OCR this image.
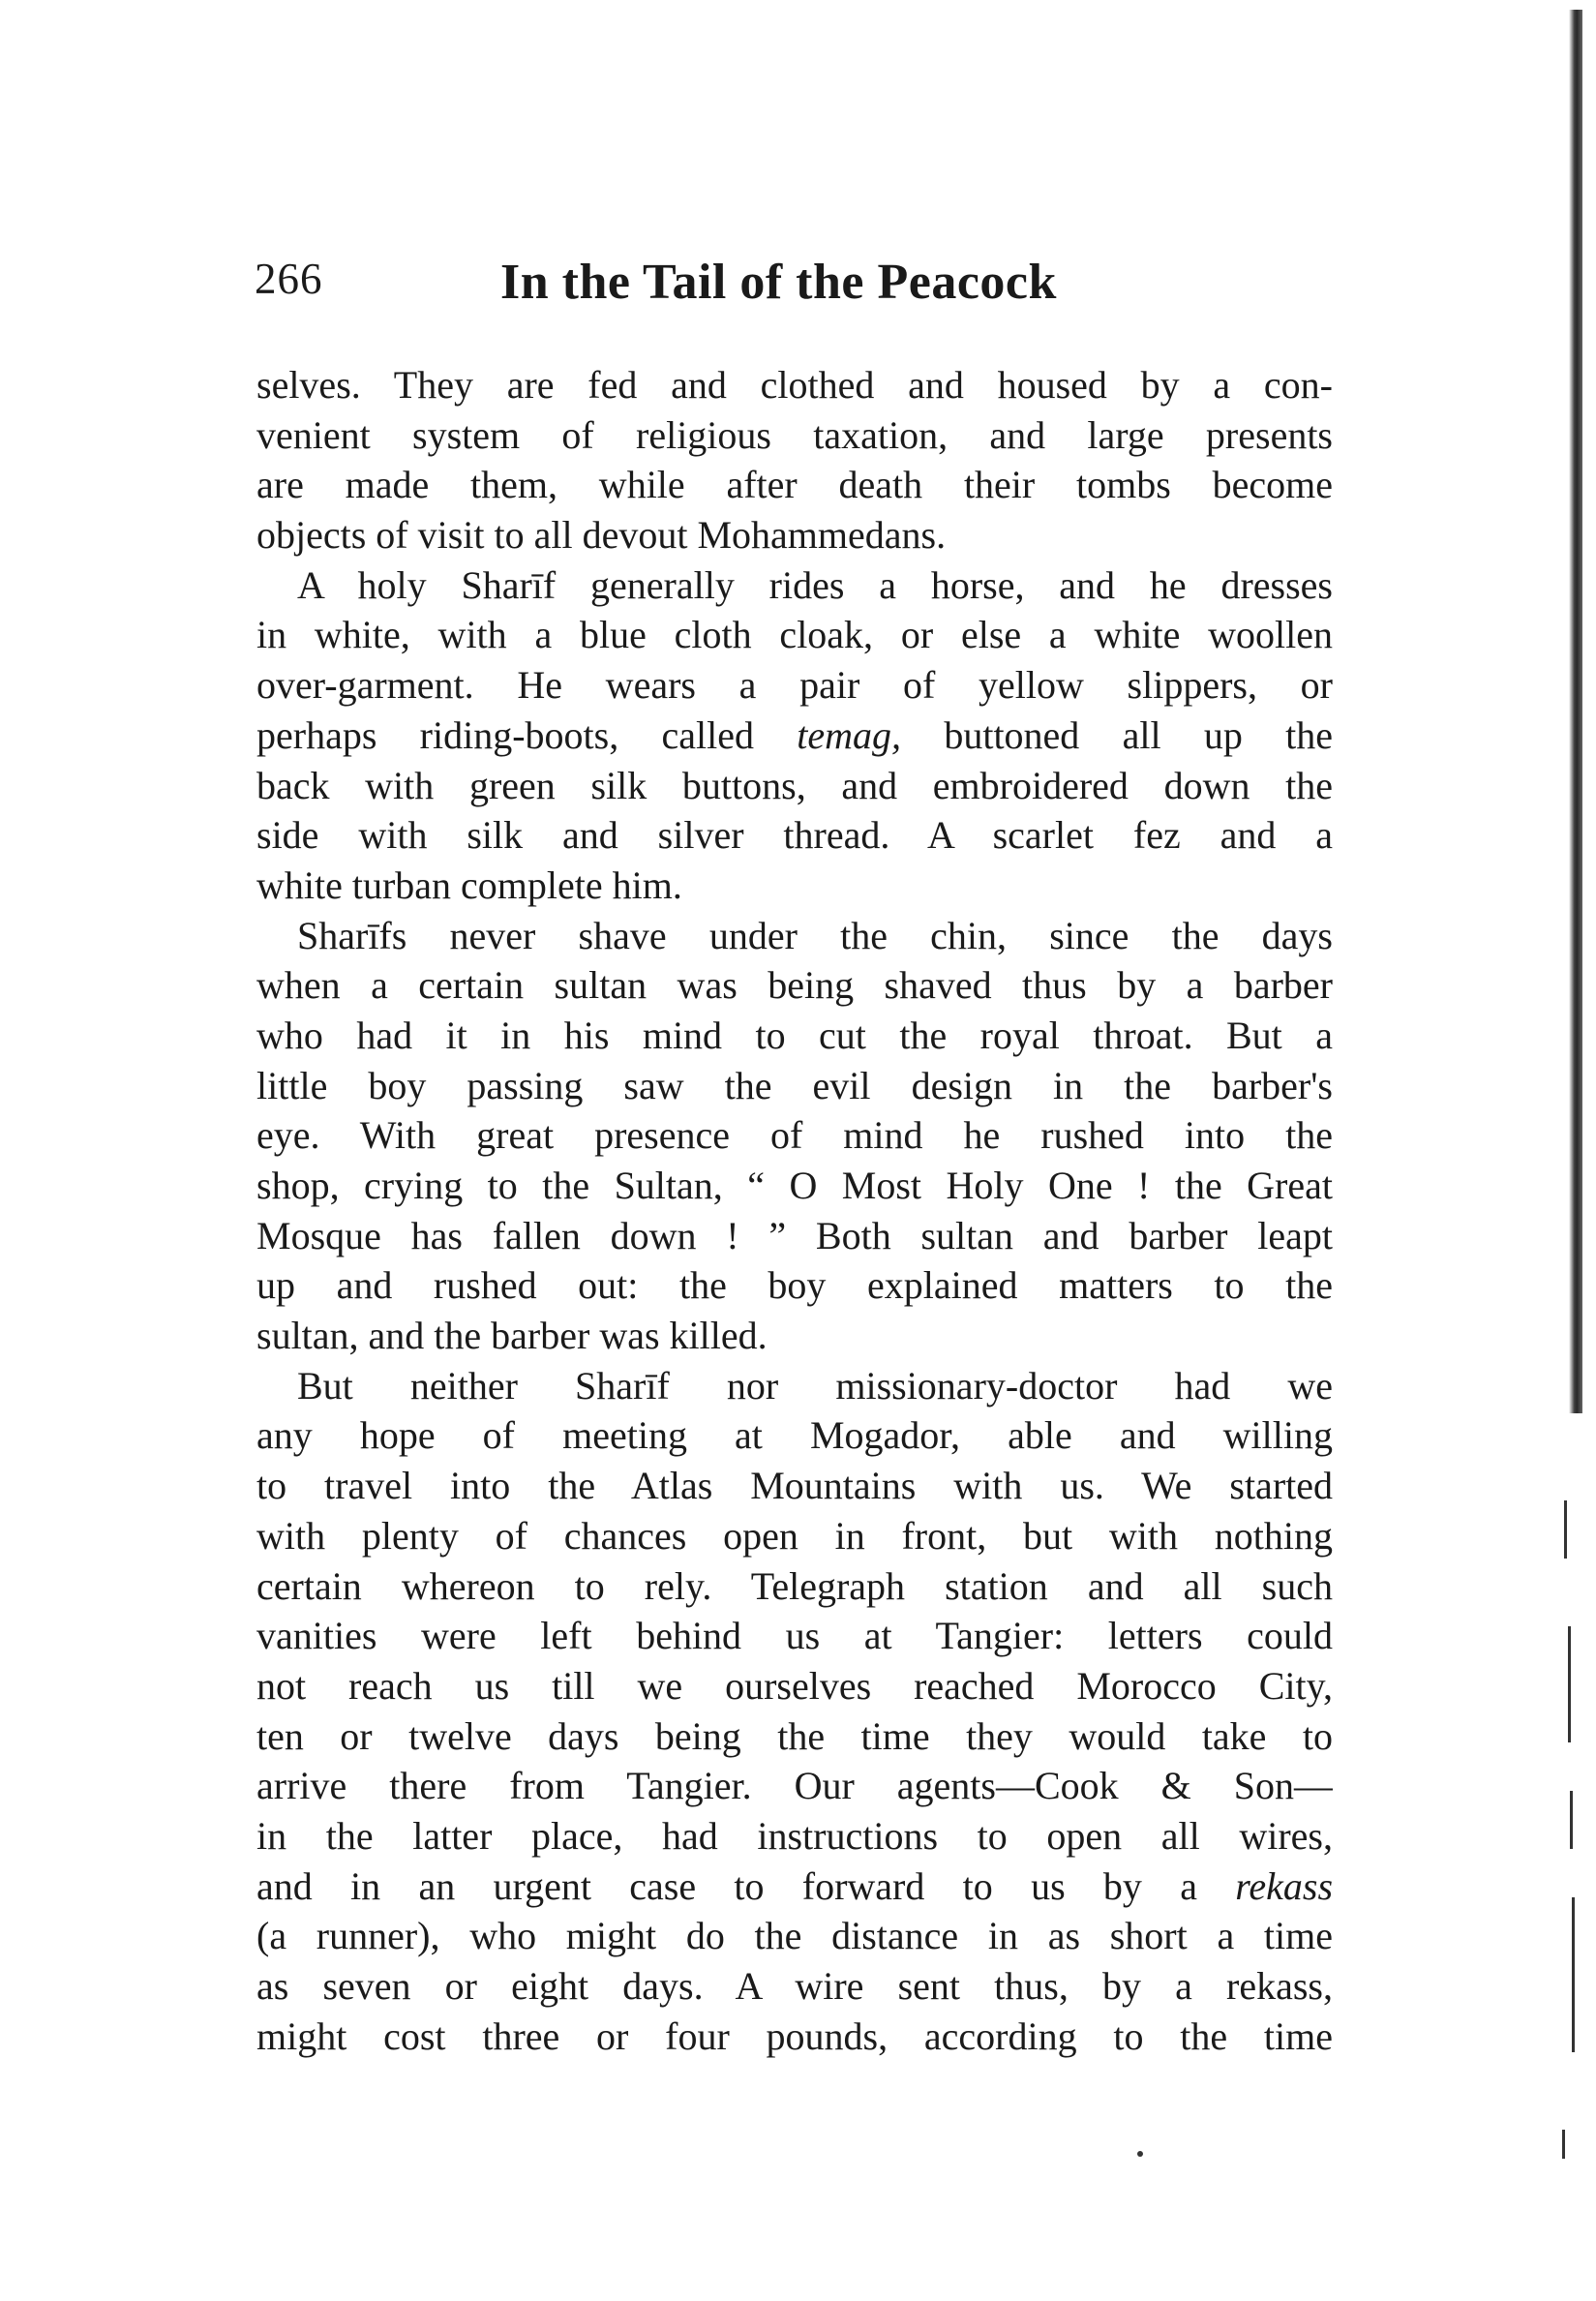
266	In the Tail of the Peacock
selves. They are fed and clothed and housed by a con-
venient system of religious taxation, and large presents
are made them, while after death their tombs become
objects of visit to all devout Mohammedans.
A holy Sharīf generally rides a horse, and he dresses
in white, with a blue cloth cloak, or else a white woollen
over-garment. He wears a pair of yellow slippers, or
perhaps riding-boots, called temag, buttoned all up the
back with green silk buttons, and embroidered down the
side with silk and silver thread. A scarlet fez and a
white turban complete him.
Sharīfs never shave under the chin, since the days
when a certain sultan was being shaved thus by a barber
who had it in his mind to cut the royal throat. But a
little boy passing saw the evil design in the barber's
eye. With great presence of mind he rushed into the
shop, crying to the Sultan, “ O Most Holy One ! the Great
Mosque has fallen down ! ” Both sultan and barber leapt
up and rushed out: the boy explained matters to the
sultan, and the barber was killed.
But neither Sharīf nor missionary-doctor had we
any hope of meeting at Mogador, able and willing
to travel into the Atlas Mountains with us. We started
with plenty of chances open in front, but with nothing
certain whereon to rely. Telegraph station and all such
vanities were left behind us at Tangier: letters could
not reach us till we ourselves reached Morocco City,
ten or twelve days being the time they would take to
arrive there from Tangier. Our agents—Cook & Son—
in the latter place, had instructions to open all wires,
and in an urgent case to forward to us by a rekass
(a runner), who might do the distance in as short a time
as seven or eight days. A wire sent thus, by a rekass,
might cost three or four pounds, according to the time
